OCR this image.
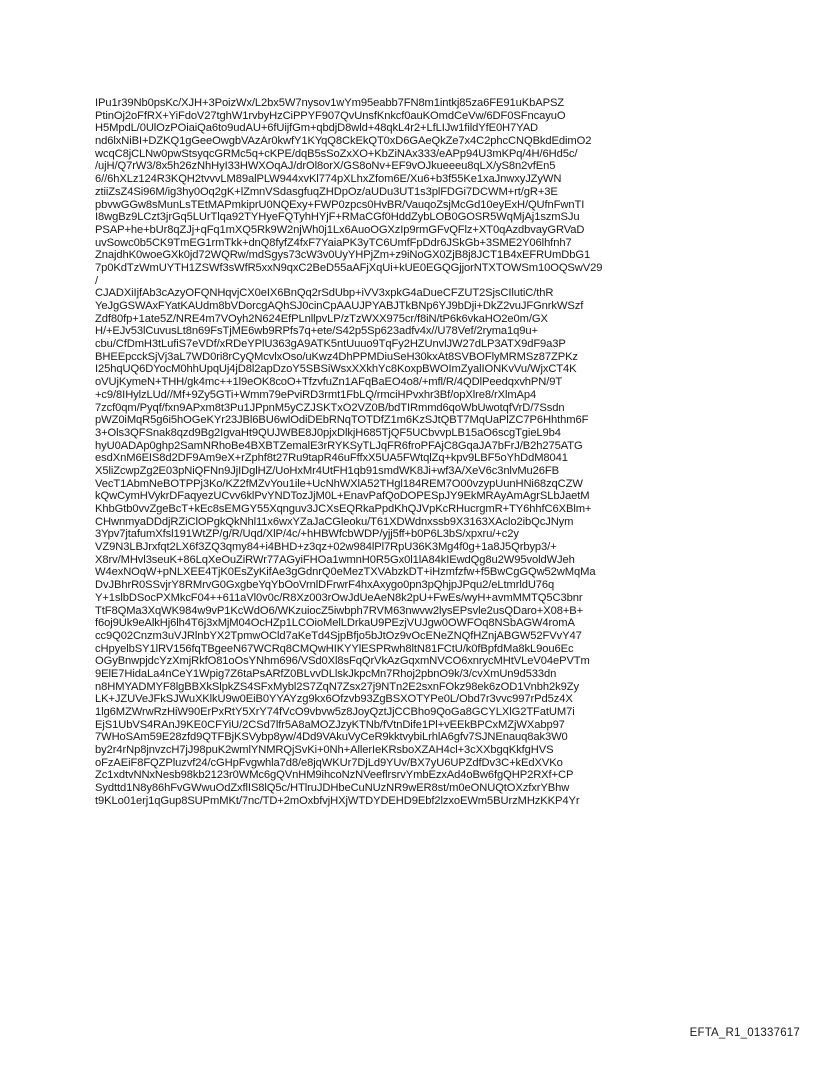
IPu1r39Nb0psKc/XJH+3PoizWx/L2bx5W7nysov1wYm95eabb7FN8m1intkj85za6FE91uKbAPSZ
PtinOj2oFfRX+YiFdoV27tghW1rvbyHzCiPPYF907QvUnsfKnkcf0auKOmdCeVw/6DF0SFncayuO
H5MpdL/0UlOzPOiaiQa6to9udAU+6fUijfGm+qbdjD8wld+48qkL4r2+LfLIJw1fildYfE0H7YAD
nd6lxNiBI+DZKQ1gGeeOwgbVAzAr0kwfY1KYqQ8CkEkQT0xD6GAeQkZe7x4C2phcCNQBkdEdimO2
wcqC8jCLNw0pwStsyqcGRMc5q+cKPE/dqB5sSoZxXO+KbZiNAx333/eAPp94U3mKPq/4H/6Hd5c/
/ujH/Q7rW3/8x5h26zNhHyI33HWXOqAJ/drOl8orX/GS8oNv+EF9vOJkueeeu8qLX/yS8n2vfEn5
6//6hXLz124R3KQH2tvvvLM89alPLW944xvKl774pXLhxZfom6E/Xu6+b3f55Ke1xaJnwxyJZyWN
ztiiZsZ4Si96M/ig3hy0Oq2gK+lZmnVSdasgfuqZHDpOz/aUDu3UT1s3plFDGi7DCWM+rt/gR+3E
pbvwGGw8sMunLsTEtMAPmkiprU0NQExy+FWP0zpcs0HvBR/VauqoZsjMcGd10eyExH/QUfnFwnTI
I8wgBz9LCzt3jrGq5LUrTlqa92TYHyeFQTyhHYjF+RMaCGf0HddZybLOB0GOSR5WqMjAj1szmSJu
PSAP+he+bUr8qZJj+qFq1mXQ5Rk9W2njWh0j1Lx6AuoOGXzIp9rmGFvQFlz+XT0qAzdbvayGRVaD
uvSowc0b5CK9TmEG1rmTkk+dnQ8fyfZ4fxF7YaiaPK3yTC6UmfFpDdr6JSkGb+3SME2Y06lhfnh7
ZnajdhK0woeGXk0jd72WQRw/mdSgys73cW3v0UyYHPjZm+z9iNoGX0ZjB8j8JCT1B4xEFRUmDbG1
7p0KdTzWmUYTH1ZSWf3sWfR5xxN9qxC2BeD55aAFjXqUi+kUE0EGQGjjorNTXTOWSm10OQSwV29
/
CJADXiIjfAb3cAzyOFQNHqvjCX0eIX6BnQq2rSdUbp+iVV3xpkG4aDueCFZUT2SjsCIlutiC/thR
YeJgGSWAxFYatKAUdm8bVDorcgAQhSJ0cinCpAAUJPYABJTkBNp6YJ9bDji+DkZ2vuJFGnrkWSzf
Zdf80fp+1ate5Z/NRE4m7VOyh2N624EfPLnllpvLP/zTzWXX975cr/f8iN/tP6k6vkaHO2e0m/GX
H/+EJv53lCuvusLt8n69FsTjME6wb9RPfs7q+ete/S42p5Sp623adfv4x//U78Vef/2ryma1q9u+
cbu/CfDmH3tLufiS7eVDf/xRDeYPlU363gA9ATK5ntUuuo9TqFy2HZUnvlJW27dLP3ATX9dF9a3P
BHEEpcckSjVj3aL7WD0ri8rCyQMcvlxOso/uKwz4DhPPMDiuSeH30kxAt8SVBOFlyMRMSz87ZPKz
I25hqUQ6DYocM0hhUpqUj4jD8l2apDzoY5SBSiWsxXXkhYc8KoxpBWOImZyalIONKvVu/WjxCT4K
oVUjKymeN+THH/gk4mc++1l9eOK8coO+TfzvfuZn1AFqBaEO4o8/+mfl/R/4QDlPeedqxvhPN/9T
+c9/8IHylzLUd//Mf+9Zy5GTi+Wmm79ePviRD3rmt1FbLQ/rmciHPvxhr3Bf/opXlre8/rXlmAp4
7zcf0qm/Pyqf/fxn9APxm8t3Pu1JPpnM5yCZJSKTxO2VZ0B/bdTIRmmd6qoWbUwotqfVrD/7Ssdn
pWZ0iMqR5g6i5hOGeKYr23JBl6BU6wlOdiDEbRNqTOTDfZ1m6KzSJtQBT7MqUaPlZC7P6Hhthm6F
3+Ols3QFSnak8qzd9Bg2IgvaHt9QUJWBE8J0pjxDlkjH685TjQF5UCbvvpLB15aO6scgTgieL9b4
hyU0ADAp0ghp2SamNRhoBe4BXBTZemalE3rRYKSyTLJqFR6froPFAjC8GqaJA7bFrJ/B2h275ATG
esdXnM6EIS8d2DF9Am9eX+rZphf8t27Ru9tapR46uFffxX5UA5FWtqlZq+kpv9LBF5oYhDdM8041
X5liZcwpZg2E03pNiQFNn9JjIDglHZ/UoHxMr4UtFH1qb91smdWK8Ji+wf3A/XeV6c3nlvMu26FB
VecT1AbmNeBOTPPj3Ko/KZ2fMZvYou1ile+UcNhWXlA52THgl184REM7O00vzypUunHNi68zqCZW
kQwCymHVykrDFaqyezUCvv6klPvYNDTozJjM0L+EnavPafQoDOPESpJY9EkMRAyAmAgrSLbJaetM
KhbGtb0vvZgeBcT+kEc8sEMGY55Xqnguv3JCXsEQRkaPpdKhQJVpKcRHucrgmR+TY6hhfC6XBlm+
CHwnmyaDDdjRZiClOPgkQkNhl11x6wxYZaJaCGleoku/T61XDWdnxssb9X3163XAclo2ibQcJNym
3Ypv7jtafumXfsl191WtZP/g/R/Uqd/XlP/4c/+hHBWfcbWDP/yjj5ff+b0P6L3bS/xpxru/+c2y
VZ9N3LBJrxfqt2LX6f3ZQ3qmy84+i4BHD+z3qz+02w984lPl7RpU36K3Mg4f0g+1a8J5Qrbyp3/+
X8rv/MHvl3seuK+86LqXeOuZiRWr77AGyiFHOa1wmnH0R5Gx0l1lA84kIEwdQg8u2W95voldWJeh
W4exNOqW+pNLXEE4TjK0EsZyKifAe3gGdnrQ0eMezTXVAbzkDT+iHzmfzfw+f5BwCgGQw52wMqMa
DvJBhrR0SSvjrY8RMrvG0GxgbeYqYbOoVrnlDFrwrF4hxAxygo0pn3pQhjpJPqu2/eLtmrldU76q
Y+1slbDSocPXMkcF04++611aVl0v0c/R8Xz003rOwJdUeAeN8k2pU+FwEs/wyH+avmMMTQ5C3bnr
TtF8QMa3XqWK984w9vP1KcWdO6/WKzuiocZ5iwbph7RVM63nwvw2lysEPsvle2usQDaro+X08+B+
f6oj9Uk9eAlkHj6lh4T6j3xMjM04OcHZp1LCOioMelLDrkaU9PEzjVUJgw0OWFOq8NSbAGW4romA
cc9Q02Cnzm3uVJRlnbYX2TpmwOCld7aKeTd4SjpBfjo5bJtOz9vOcENeZNQfHZnjABGW52FVvY47
cHpyelbSY1lRV156fqTBgeeN67WCRq8CMQwHIKYYlESPRwh8ltN81FCtU/k0fBpfdMa8kL9ou6Ec
OGyBnwpjdcYzXmjRkfO81oOsYNhm696/VSd0Xl8sFqQrVkAzGqxmNVCO6xnrycMHtVLeV04ePVTm
9ElE7HidaLa4nCeY1Wpig7Z6taPsARfZ0BLvvDLlskJkpcMn7Rhoj2pbnO9k/3/cvXmUn9d533dn
n8HMYADMYF8lgBBXkSlpkZS4SFxMybl2S7ZqN7Zsx27j9NTn2E2sxnFOkz98ek6zOD1Vnbh2k9Zy
LK+JZUVeJFkSJWuXKlkU9w0EiB0YYAYzg9kx6Ofzvb93ZgBSXOTYPe0L/Obd7r3vvc997rPd5z4X
1lg6MZWrwRzHiW90ErPxRtY5XrY74fVcO9vbvw5z8JoyQztJjCCBho9QoGa8GCYLXlG2TFatUM7i
EjS1UbVS4RAnJ9KE0CFYiU/2CSd7lfr5A8aMOZJzyKTNb/fVtnDife1Pl+vEEkBPCxMZjWXabp97
7WHoSAm59E28zfd9QTFBjKSVybp8yw/4Dd9VAkuVyCeR9kktvybiLrhlA6gfv7SJNEnauq8ak3W0
by2r4rNp8jnvzcH7jJ98puK2wmlYNMRQjSvKi+0Nh+AllerIeKRsboXZAH4cl+3cXXbgqKkfgHVS
oFzAEiF8FQZPluzvf24/cGHpFvgwhla7d8/e8jqWKUr7DjLd9YUv/BX7yU6UPZdfDv3C+kEdXVKo
Zc1xdtvNNxNesb98kb2123r0WMc6gQVnHM9ihcoNzNVeeflrsrvYmbEzxAd4oBw6fgQHP2RXf+CP
Sydttd1N8y86hFvGWwuOdZxflIS8lQ5c/HTlruJDHbeCuNUzNR9wER8st/m0eONUQtOXzfxrYBhw
t9KLo01erj1qGup8SUPmMKt/7nc/TD+2mOxbfvjHXjWTDYDEHD9Ebf2lzxoEWm5BUrzMHzKKP4Yr
EFTA_R1_01337617
